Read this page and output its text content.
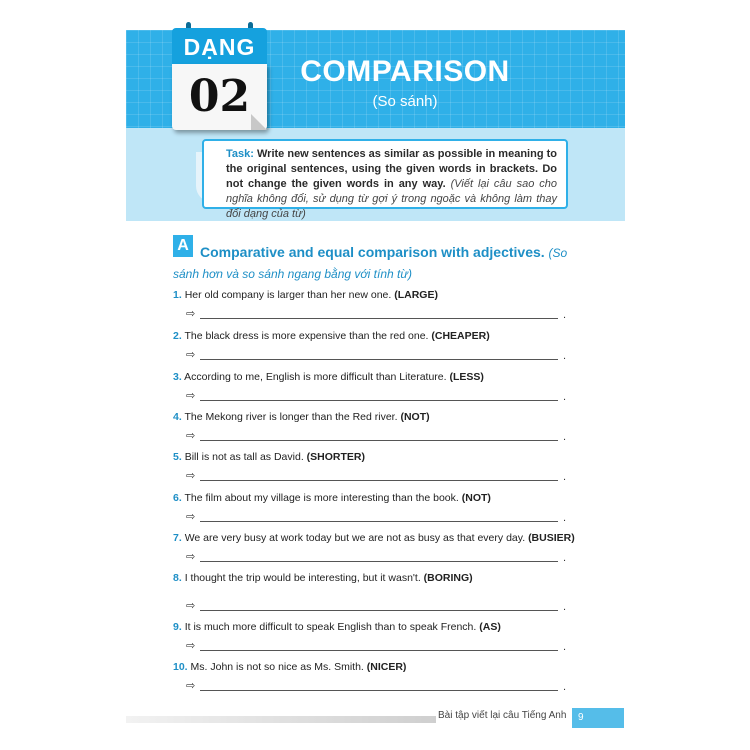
DẠNG
02	COMPARISON
(So sánh)
Task: Write new sentences as similar as possible in meaning to the original sentences, using the given words in brackets. Do not change the given words in any way. (Viết lại câu sao cho nghĩa không đổi, sử dụng từ gợi ý trong ngoặc và không làm thay đổi dạng của từ)
A Comparative and equal comparison with adjectives. (So sánh hơn và so sánh ngang bằng với tính từ)
1. Her old company is larger than her new one. (LARGE)
⇨	.
2. The black dress is more expensive than the red one. (CHEAPER)
⇨	.
3. According to me, English is more difficult than Literature. (LESS)
⇨	.
4. The Mekong river is longer than the Red river. (NOT)
⇨	.
5. Bill is not as tall as David. (SHORTER)
⇨	.
6. The film about my village is more interesting than the book. (NOT)
⇨	.
7. We are very busy at work today but we are not as busy as that every day. (BUSIER)
⇨	.
8. I thought the trip would be interesting, but it wasn't. (BORING)
⇨	.
9. It is much more difficult to speak English than to speak French. (AS)
⇨	.
10. Ms. John is not so nice as Ms. Smith. (NICER)
⇨	.
Bài tập viết lại câu Tiếng Anh	9
